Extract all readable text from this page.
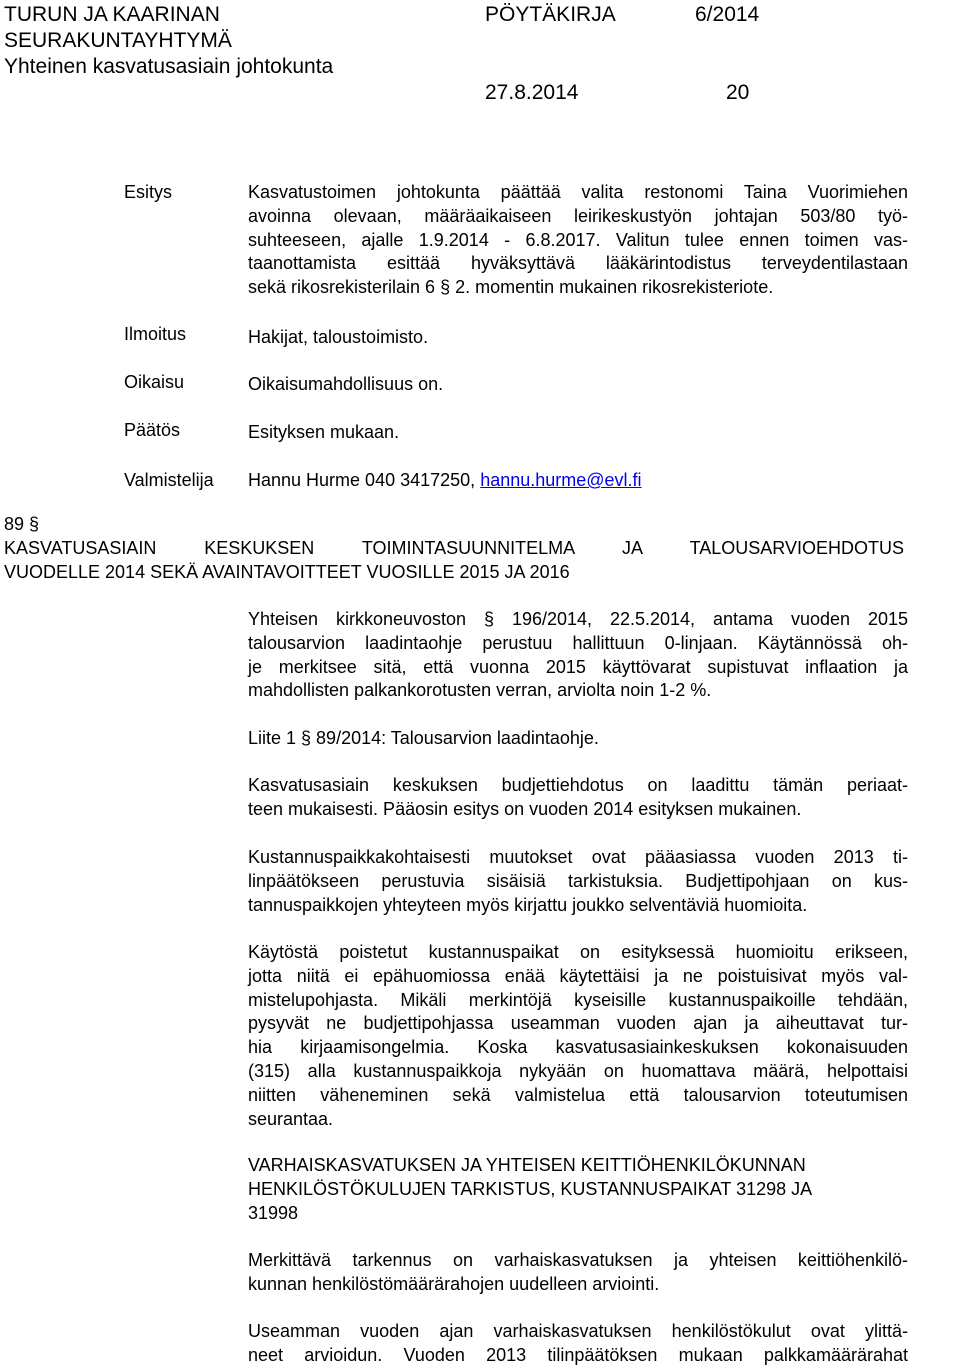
TURUN JA KAARINAN
SEURAKUNTAYHTYMÄ
Yhteinen kasvatusasiain johtokunta
PÖYTÄKIRJA	6/2014
27.8.2014	20
Esitys
Ilmoitus
Oikaisu
Päätös
Kasvatustoimen johtokunta päättää valita restonomi Taina Vuorimiehen
avoinna olevaan, määräaikaiseen leirikeskustyön johtajan 503/80 työ-
suhteeseen, ajalle 1.9.2014 - 6.8.2017. Valitun tulee ennen toimen vas-
taanottamista esittää hyväksyttävä lääkärintodistus terveydentilastaan
sekä rikosrekisterilain 6 § 2. momentin mukainen rikosrekisteriote.
Hakijat, taloustoimisto.
Oikaisumahdollisuus on.
Esityksen mukaan.
Valmistelija Hannu Hurme 040 3417250, hannu.hurme@evl.fi
89 §
KASVATUSASIAIN KESKUKSEN TOIMINTASUUNNITELMA JA TALOUSARVIOEHDOTUS
VUODELLE 2014 SEKÄ AVAINTAVOITTEET VUOSILLE 2015 JA 2016
Yhteisen kirkkoneuvoston § 196/2014, 22.5.2014, antama vuoden 2015
talousarvion laadintaohje perustuu hallittuun 0-linjaan. Käytännössä oh-
je merkitsee sitä, että vuonna 2015 käyttövarat supistuvat inflaation ja
mahdollisten palkankorotusten verran, arviolta noin 1-2 %.
Liite 1 § 89/2014: Talousarvion laadintaohje.
Kasvatusasiain keskuksen budjettiehdotus on laadittu tämän periaat-
teen mukaisesti. Pääosin esitys on vuoden 2014 esityksen mukainen.
Kustannuspaikkakohtaisesti muutokset ovat pääasiassa vuoden 2013 ti-
linpäätökseen perustuvia sisäisiä tarkistuksia. Budjettipohjaan on kus-
tannuspaikkojen yhteyteen myös kirjattu joukko selventäviä huomioita.
Käytöstä poistetut kustannuspaikat on esityksessä huomioitu erikseen,
jotta niitä ei epähuomiossa enää käytettäisi ja ne poistuisivat myös val-
mistelupohjasta. Mikäli merkintöjä kyseisille kustannuspaikoille tehdään,
pysyvät ne budjettipohjassa useamman vuoden ajan ja aiheuttavat tur-
hia kirjaamisongelmia. Koska kasvatusasiainkeskuksen kokonaisuuden
(315) alla kustannuspaikkoja nykyään on huomattava määrä, helpottaisi
niitten väheneminen sekä valmistelua että talousarvion toteutumisen
seurantaa.
VARHAISKASVATUKSEN JA YHTEISEN KEITTIÖHENKILÖKUNNAN
HENKILÖSTÖKULUJEN TARKISTUS, KUSTANNUSPAIKAT 31298 JA
31998
Merkittävä tarkennus on varhaiskasvatuksen ja yhteisen keittiöhenkilö-
kunnan henkilöstömäärärahojen uudelleen arviointi.
Useamman vuoden ajan varhaiskasvatuksen henkilöstökulut ovat ylittä-
neet arvioidun. Vuoden 2013 tilinpäätöksen mukaan palkkamäärärahat
